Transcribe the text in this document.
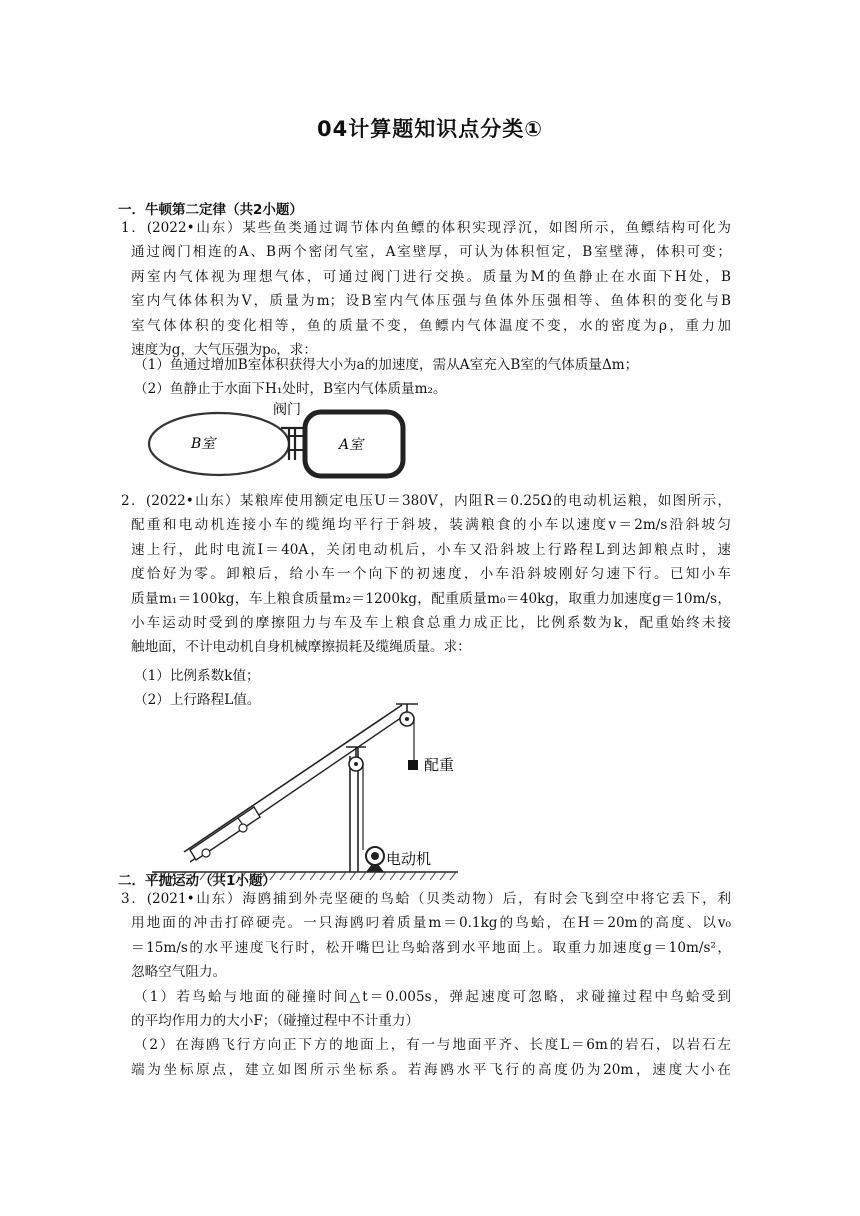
04计算题知识点分类①
一．牛顿第二定律（共2小题）
1．(2022•山东）某些鱼类通过调节体内鱼鳔的体积实现浮沉，如图所示，鱼鳔结构可化为
通过阀门相连的A、B两个密闭气室，A室壁厚，可认为体积恒定，B室壁薄，体积可变；
两室内气体视为理想气体，可通过阀门进行交换。质量为M的鱼静止在水面下H处，B
室内气体体积为V，质量为m；设B室内气体压强与鱼体外压强相等、鱼体积的变化与B
室气体体积的变化相等，鱼的质量不变，鱼鳔内气体温度不变，水的密度为ρ，重力加
速度为g，大气压强为p₀，求：
（1）鱼通过增加B室体积获得大小为a的加速度，需从A室充入B室的气体质量Δm；
（2）鱼静止于水面下H₁处时，B室内气体质量m₂。
阀门
B室	A室
2．(2022•山东）某粮库使用额定电压U＝380V，内阻R＝0.25Ω的电动机运粮，如图所示，
配重和电动机连接小车的缆绳均平行于斜坡，装满粮食的小车以速度v＝2m/s沿斜坡匀
速上行，此时电流I＝40A，关闭电动机后，小车又沿斜坡上行路程L到达卸粮点时，速
度恰好为零。卸粮后，给小车一个向下的初速度，小车沿斜坡刚好匀速下行。已知小车
质量m₁＝100kg，车上粮食质量m₂＝1200kg，配重质量m₀＝40kg，取重力加速度g＝10m/s，
小车运动时受到的摩擦阻力与车及车上粮食总重力成正比，比例系数为k，配重始终未接
触地面，不计电动机自身机械摩擦损耗及缆绳质量。求：
（1）比例系数k值；
（2）上行路程L值。
配重
电动机
二．平抛运动（共1小题）
3．(2021•山东）海鸥捕到外壳坚硬的鸟蛤（贝类动物）后，有时会飞到空中将它丢下，利
用地面的冲击打碎硬壳。一只海鸥叼着质量m＝0.1kg的鸟蛤，在H＝20m的高度、以v₀
＝15m/s的水平速度飞行时，松开嘴巴让鸟蛤落到水平地面上。取重力加速度g＝10m/s²，
忽略空气阻力。
（1）若鸟蛤与地面的碰撞时间△t＝0.005s，弹起速度可忽略，求碰撞过程中鸟蛤受到
的平均作用力的大小F；（碰撞过程中不计重力）
（2）在海鸥飞行方向正下方的地面上，有一与地面平齐、长度L＝6m的岩石，以岩石左
端为坐标原点，建立如图所示坐标系。若海鸥水平飞行的高度仍为20m，速度大小在
